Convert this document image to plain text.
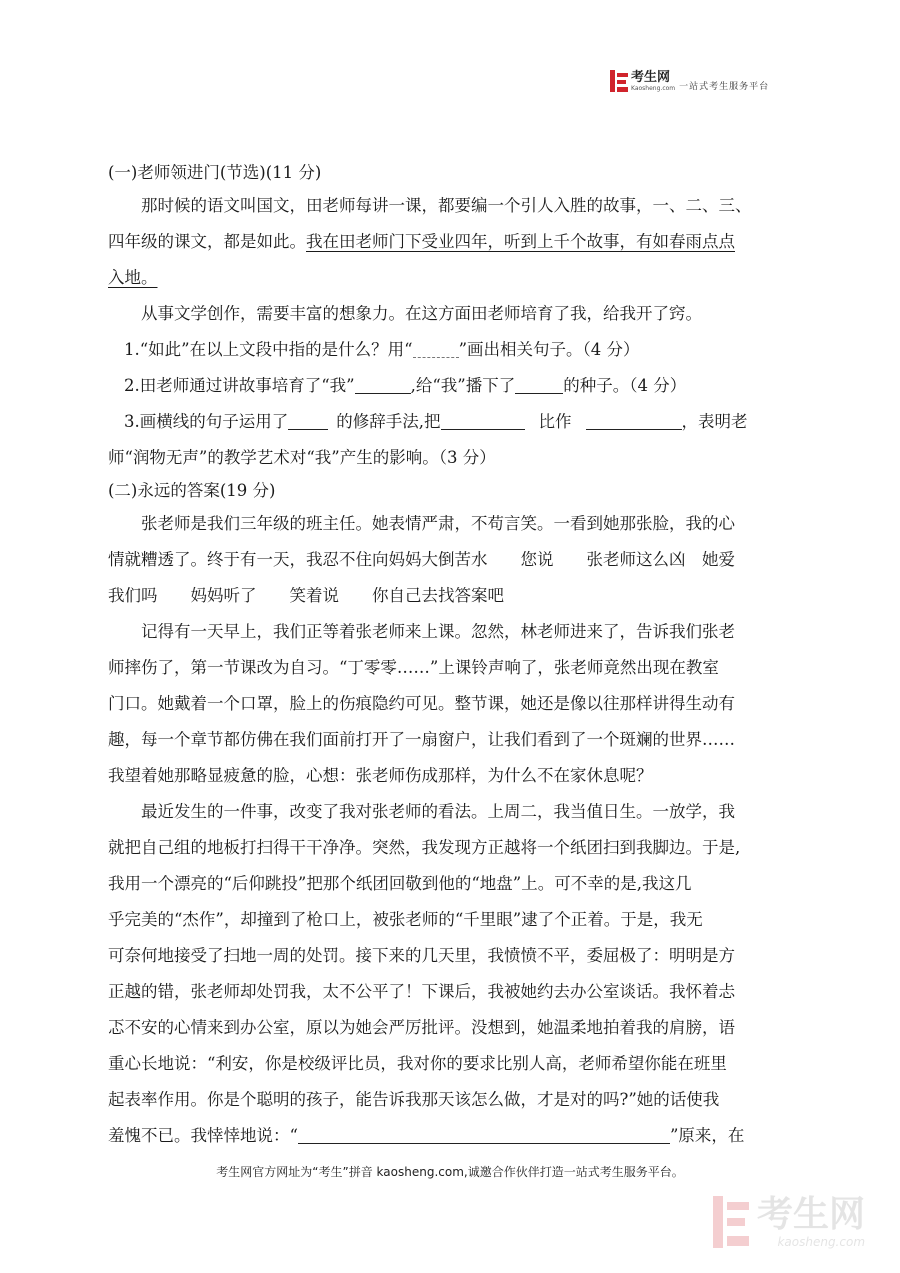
考生网
Kaosheng.com 一站式考生服务平台
(一)老师领进门(节选)(11 分)
那时候的语文叫国文，田老师每讲一课，都要编一个引人入胜的故事，一、二、三、
四年级的课文，都是如此。我在田老师门下受业四年，听到上千个故事，有如春雨点点
入地。
从事文学创作，需要丰富的想象力。在这方面田老师培育了我，给我开了窍。
1.“如此”在以上文段中指的是什么？用“	”画出相关句子。（4 分）
2.田老师通过讲故事培育了“我”	,给“我”播下了	的种子。（4 分）
3.画横线的句子运用了	的修辞手法,把	比作	，表明老
师“润物无声”的教学艺术对“我”产生的影响。（3 分）
(二)永远的答案(19 分)
张老师是我们三年级的班主任。她表情严肃，不苟言笑。一看到她那张脸，我的心
情就糟透了。终于有一天，我忍不住向妈妈大倒苦水　　您说　　张老师这么凶　她爱
我们吗　　妈妈听了　　笑着说　　你自己去找答案吧
记得有一天早上，我们正等着张老师来上课。忽然，林老师进来了，告诉我们张老
师摔伤了，第一节课改为自习。“丁零零……”上课铃声响了，张老师竟然出现在教室
门口。她戴着一个口罩，脸上的伤痕隐约可见。整节课，她还是像以往那样讲得生动有
趣，每一个章节都仿佛在我们面前打开了一扇窗户，让我们看到了一个斑斓的世界……
我望着她那略显疲惫的脸，心想：张老师伤成那样，为什么不在家休息呢？
最近发生的一件事，改变了我对张老师的看法。上周二，我当值日生。一放学，我
就把自己组的地板打扫得干干净净。突然，我发现方正越将一个纸团扫到我脚边。于是,
我用一个漂亮的“后仰跳投”把那个纸团回敬到他的“地盘”上。可不幸的是,我这几
乎完美的“杰作”，却撞到了枪口上，被张老师的“千里眼”逮了个正着。于是，我无
可奈何地接受了扫地一周的处罚。接下来的几天里，我愤愤不平，委屈极了：明明是方
正越的错，张老师却处罚我，太不公平了！下课后，我被她约去办公室谈话。我怀着忐
忑不安的心情来到办公室，原以为她会严厉批评。没想到，她温柔地拍着我的肩膀，语
重心长地说：“利安，你是校级评比员，我对你的要求比别人高，老师希望你能在班里
起表率作用。你是个聪明的孩子，能告诉我那天该怎么做，才是对的吗?”她的话使我
羞愧不已。我悻悻地说：“	”原来，在
考生网官方网址为“考生”拼音 kaosheng.com,诚邀合作伙伴打造一站式考生服务平台。
考生网
kaosheng.com
